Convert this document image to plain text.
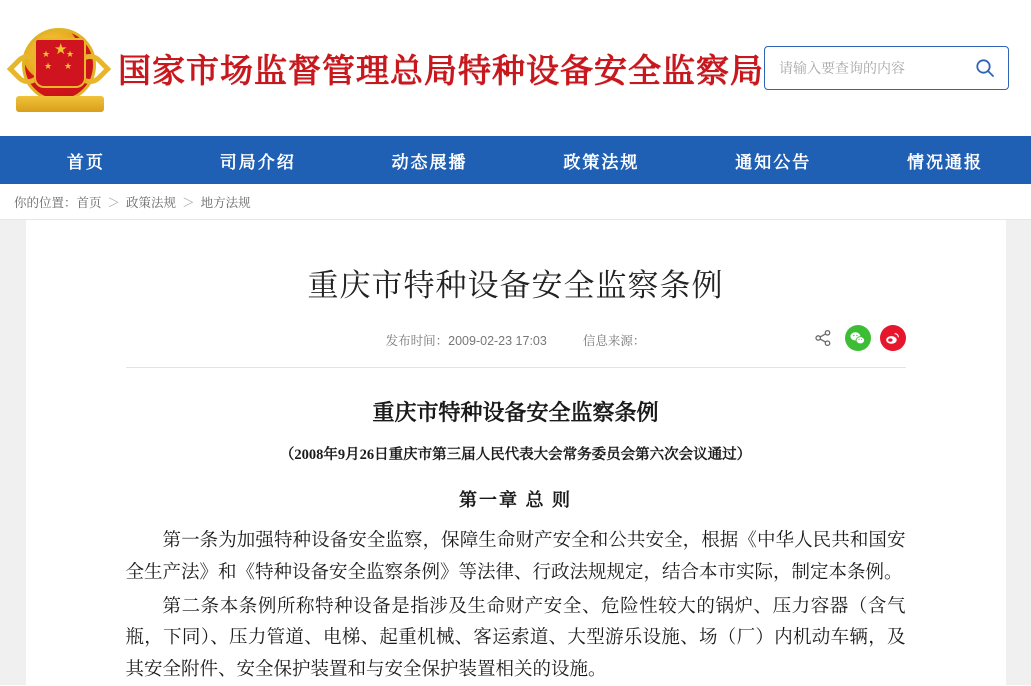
★
★ ★
★ ★ 国家市场监督管理总局特种设备安全监察局
请输入要查询的内容
首页	司局介绍	动态展播	政策法规	通知公告	情况通报
你的位置： 首页 ＞ 政策法规 ＞ 地方法规
重庆市特种设备安全监察条例
发布时间：2009-02-23 17:03	信息来源：
重庆市特种设备安全监察条例
（2008年9月26日重庆市第三届人民代表大会常务委员会第六次会议通过）
第一章 总 则

第一条为加强特种设备安全监察，保障生命财产安全和公共安全，根据《中华人民共和国安全生产法》和《特种设备安全监察条例》等法律、行政法规规定，结合本市实际，制定本条例。

第二条本条例所称特种设备是指涉及生命财产安全、危险性较大的锅炉、压力容器（含气瓶，下同）、压力管道、电梯、起重机械、客运索道、大型游乐设施、场（厂）内机动车辆，及其安全附件、安全保护装置和与安全保护装置相关的设施。
